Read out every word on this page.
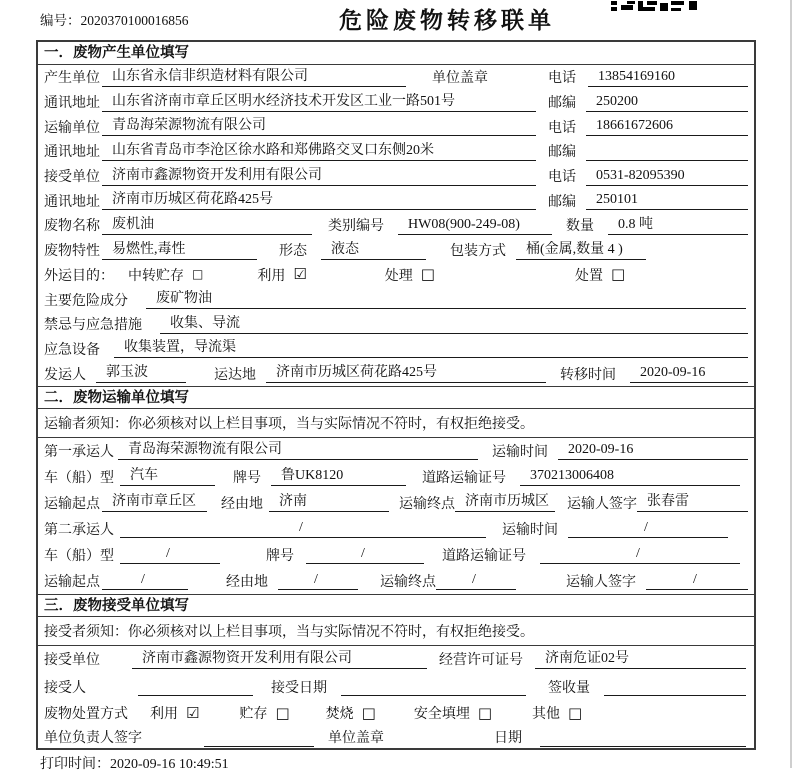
编号：2020370100016856	危险废物转移联单
一．废物产生单位填写
产生单位 山东省永信非织造材料有限公司	单位盖章	电话	13854169160
通讯地址 山东省济南市章丘区明水经济技术开发区工业一路501号	邮编	250200
运输单位 青岛海荣源物流有限公司	电话	18661672606
通讯地址 山东省青岛市李沧区徐水路和郑佛路交叉口东侧20米	邮编
接受单位 济南市鑫源物资开发利用有限公司	电话	0531-82095390
通讯地址 济南市历城区荷花路425号	邮编	250101
废物名称 废机油	类别编号	HW08(900-249-08)	数量	0.8 吨
废物特性 易燃性,毒性	形态	液态	包装方式	桶(金属,数量 4 )
外运目的： 中转贮存 □	利用 ☑	处理 □	处置 □
主要危险成分	废矿物油
禁忌与应急措施	收集、导流
应急设备	收集装置，导流渠
发运人	郭玉波	运达地	济南市历城区荷花路425号	转移时间	2020-09-16
二．废物运输单位填写
运输者须知：你必须核对以上栏目事项，当与实际情况不符时，有权拒绝接受。
第一承运人	青岛海荣源物流有限公司	运输时间	2020-09-16
车（船）型	汽车	牌号	鲁UK8120	道路运输证号	370213006408
运输起点 济南市章丘区	经由地	济南	运输终点 济南市历城区	运输人签字 张春雷
第二承运人	/	运输时间	/
车（船）型	/	牌号	/	道路运输证号	/
运输起点	/	经由地	/	运输终点	/	运输人签字	/
三．废物接受单位填写
接受者须知：你必须核对以上栏目事项，当与实际情况不符时，有权拒绝接受。
接受单位	济南市鑫源物资开发利用有限公司	经营许可证号	济南危证02号
接受人	接受日期	签收量
废物处置方式 利用 ☑	贮存 □	焚烧 □	安全填埋 □	其他 □
单位负责人签字	单位盖章	日期
打印时间：2020-09-16 10:49:51
